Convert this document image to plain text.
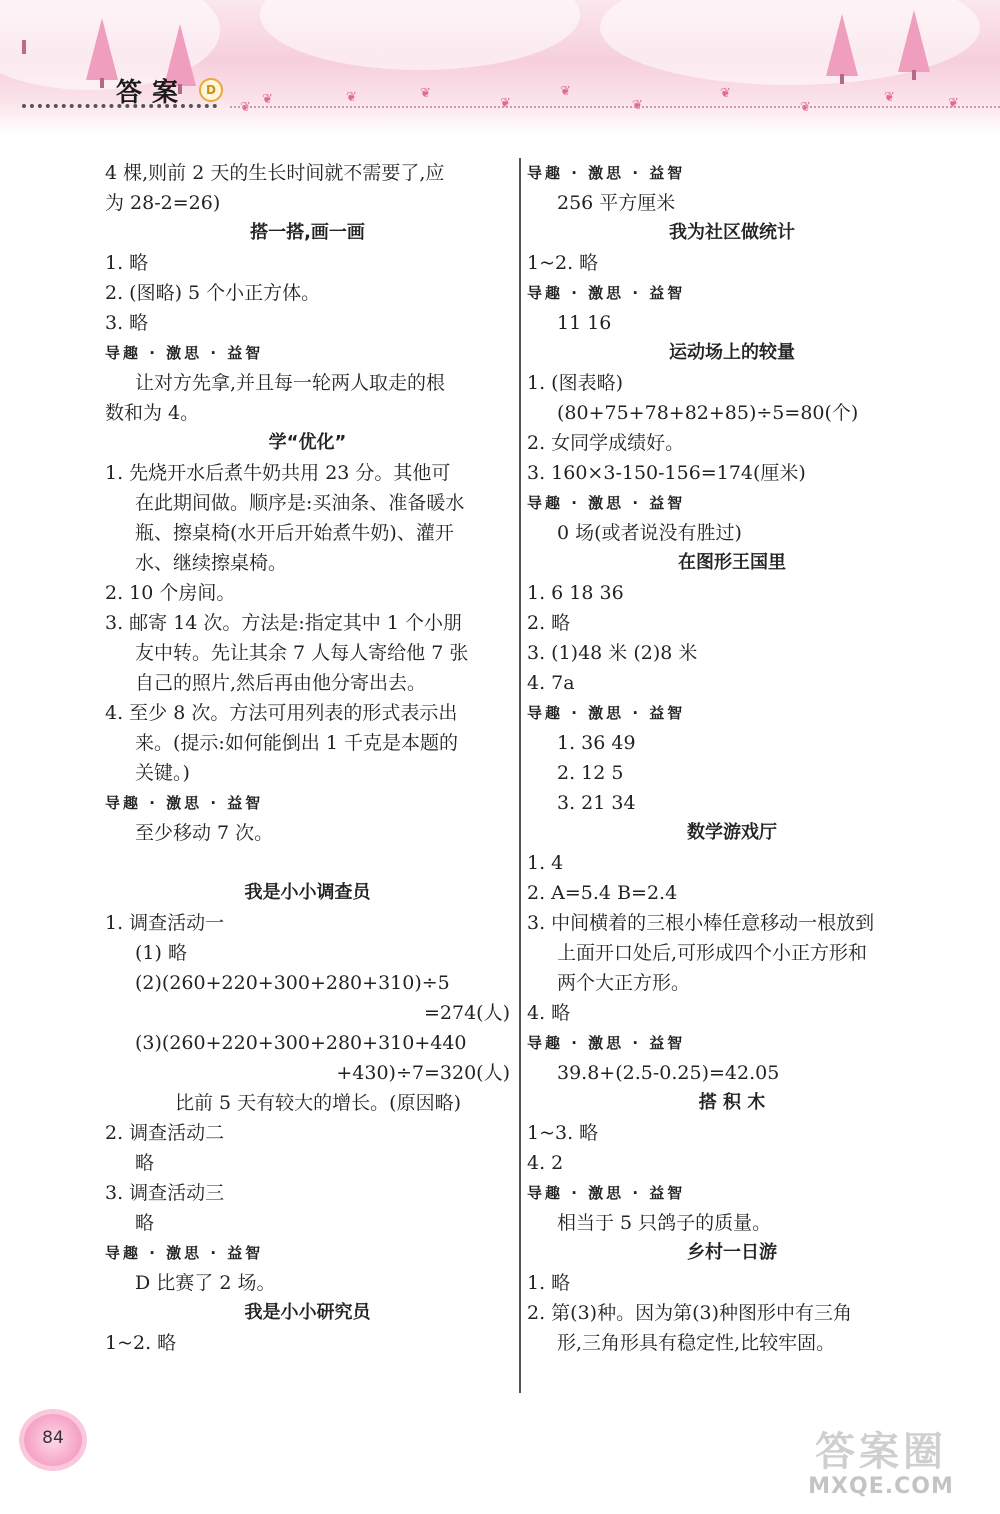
❦
❦	❦	❦
❦
❦
❦
❦
❦
❦	❦
答案	D
4 棵,则前 2 天的生长时间就不需要了,应
为 28-2=26)
搭一搭,画一画
1. 略
2. (图略) 5 个小正方体。
3. 略
导趣 · 激思 · 益智
让对方先拿,并且每一轮两人取走的根
数和为 4。
学“优化”
1. 先烧开水后煮牛奶共用 23 分。其他可
在此期间做。顺序是:买油条、准备暖水
瓶、擦桌椅(水开后开始煮牛奶)、灌开
水、继续擦桌椅。
2. 10 个房间。
3. 邮寄 14 次。方法是:指定其中 1 个小朋
友中转。先让其余 7 人每人寄给他 7 张
自己的照片,然后再由他分寄出去。
4. 至少 8 次。方法可用列表的形式表示出
来。(提示:如何能倒出 1 千克是本题的
关键。)
导趣 · 激思 · 益智
至少移动 7 次。
我是小小调查员
1. 调查活动一
(1) 略
(2)(260+220+300+280+310)÷5
=274(人)
(3)(260+220+300+280+310+440
+430)÷7=320(人)
比前 5 天有较大的增长。(原因略)
2. 调查活动二
略
3. 调查活动三
略
导趣 · 激思 · 益智
D 比赛了 2 场。
我是小小研究员
1~2. 略
导趣 · 激思 · 益智
256 平方厘米
我为社区做统计
1~2. 略
导趣 · 激思 · 益智
11 16
运动场上的较量
1. (图表略)
(80+75+78+82+85)÷5=80(个)
2. 女同学成绩好。
3. 160×3-150-156=174(厘米)
导趣 · 激思 · 益智
0 场(或者说没有胜过)
在图形王国里
1. 6 18 36
2. 略
3. (1)48 米 (2)8 米
4. 7a
导趣 · 激思 · 益智
1. 36 49
2. 12 5
3. 21 34
数学游戏厅
1. 4
2. A=5.4 B=2.4
3. 中间横着的三根小棒任意移动一根放到
上面开口处后,可形成四个小正方形和
两个大正方形。
4. 略
导趣 · 激思 · 益智
39.8+(2.5-0.25)=42.05
搭 积 木
1~3. 略
4. 2
导趣 · 激思 · 益智
相当于 5 只鸽子的质量。
乡村一日游
1. 略
2. 第(3)种。因为第(3)种图形中有三角
形,三角形具有稳定性,比较牢固。
84	答案圈
MXQE.COM
